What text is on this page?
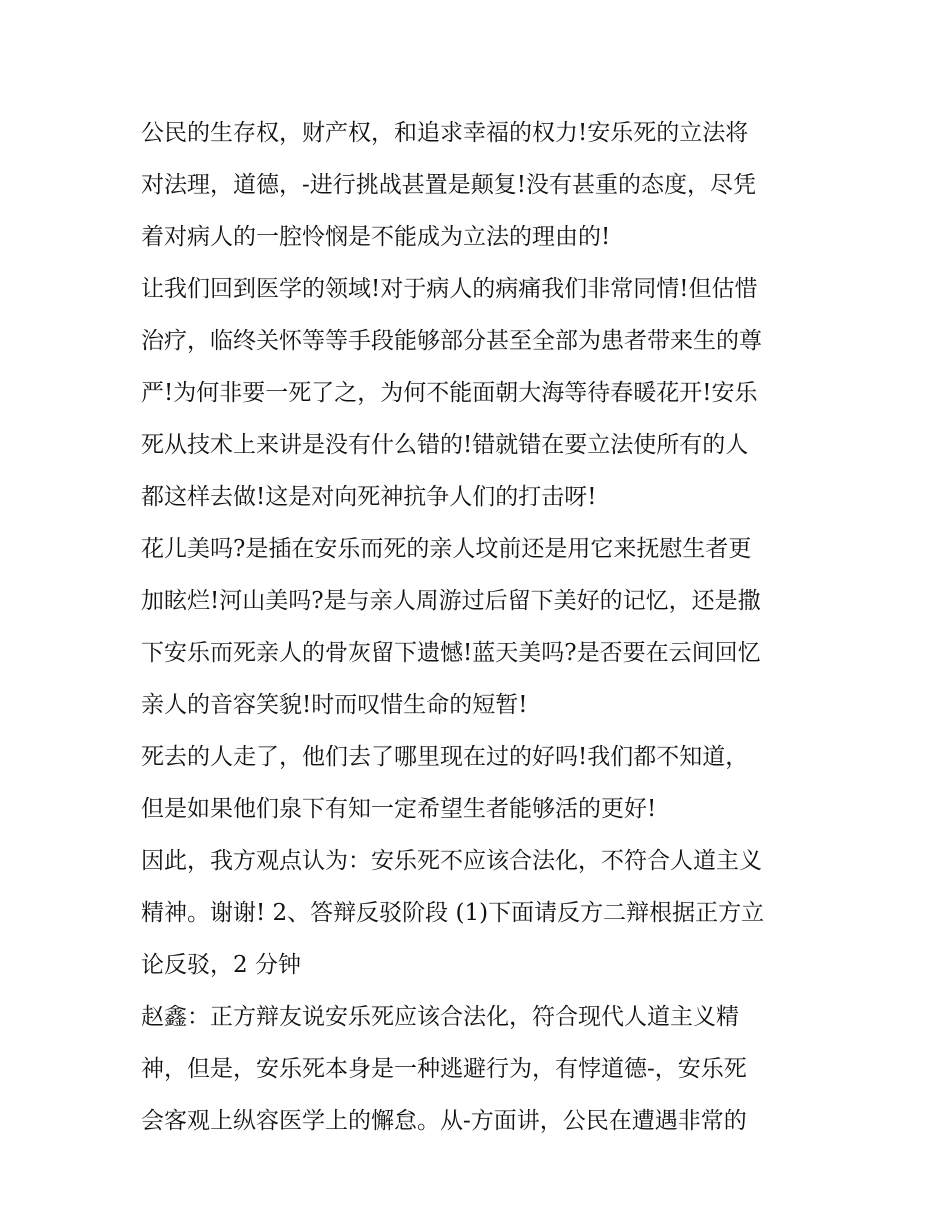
公民的生存权，财产权，和追求幸福的权力!安乐死的立法将
对法理，道德，-进行挑战甚置是颠复!没有甚重的态度，尽凭
着对病人的一腔怜悯是不能成为立法的理由的!
让我们回到医学的领域!对于病人的病痛我们非常同情!但估惜
治疗，临终关怀等等手段能够部分甚至全部为患者带来生的尊
严!为何非要一死了之，为何不能面朝大海等待春暖花开!安乐
死从技术上来讲是没有什么错的!错就错在要立法使所有的人
都这样去做!这是对向死神抗争人们的打击呀!
花儿美吗?是插在安乐而死的亲人坟前还是用它来抚慰生者更
加眩烂!河山美吗?是与亲人周游过后留下美好的记忆，还是撒
下安乐而死亲人的骨灰留下遗憾!蓝天美吗?是否要在云间回忆
亲人的音容笑貌!时而叹惜生命的短暂!
死去的人走了，他们去了哪里现在过的好吗!我们都不知道，
但是如果他们泉下有知一定希望生者能够活的更好!
因此，我方观点认为：安乐死不应该合法化，不符合人道主义
精神。谢谢! 2、答辩反驳阶段 (1)下面请反方二辩根据正方立
论反驳，2 分钟
赵鑫：正方辩友说安乐死应该合法化，符合现代人道主义精
神，但是，安乐死本身是一种逃避行为，有悖道德-，安乐死
会客观上纵容医学上的懈怠。从-方面讲，公民在遭遇非常的
